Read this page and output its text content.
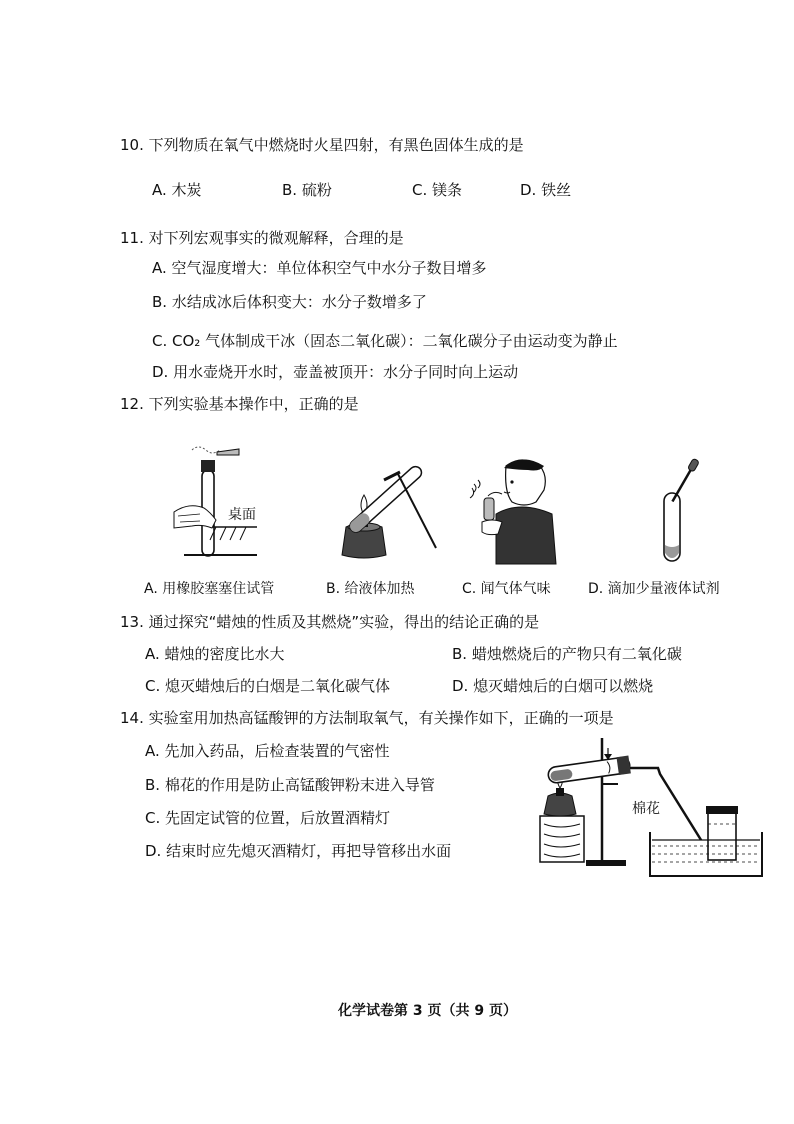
10. 下列物质在氧气中燃烧时火星四射，有黑色固体生成的是
A. 木炭	B. 硫粉	C. 镁条	D. 铁丝
11. 对下列宏观事实的微观解释，合理的是
A. 空气湿度增大：单位体积空气中水分子数目增多
B. 水结成冰后体积变大：水分子数增多了
C. CO₂ 气体制成干冰（固态二氧化碳）：二氧化碳分子由运动变为静止
D. 用水壶烧开水时，壶盖被顶开：水分子同时向上运动
12. 下列实验基本操作中，正确的是
桌面
A. 用橡胶塞塞住试管	B. 给液体加热	C. 闻气体气味	D. 滴加少量液体试剂
13. 通过探究“蜡烛的性质及其燃烧”实验，得出的结论正确的是
A. 蜡烛的密度比水大	B. 蜡烛燃烧后的产物只有二氧化碳
C. 熄灭蜡烛后的白烟是二氧化碳气体	D. 熄灭蜡烛后的白烟可以燃烧
14. 实验室用加热高锰酸钾的方法制取氧气，有关操作如下，正确的一项是
A. 先加入药品，后检查装置的气密性
B. 棉花的作用是防止高锰酸钾粉末进入导管
C. 先固定试管的位置，后放置酒精灯
D. 结束时应先熄灭酒精灯，再把导管移出水面
棉花
化学试卷第 3 页（共 9 页）
